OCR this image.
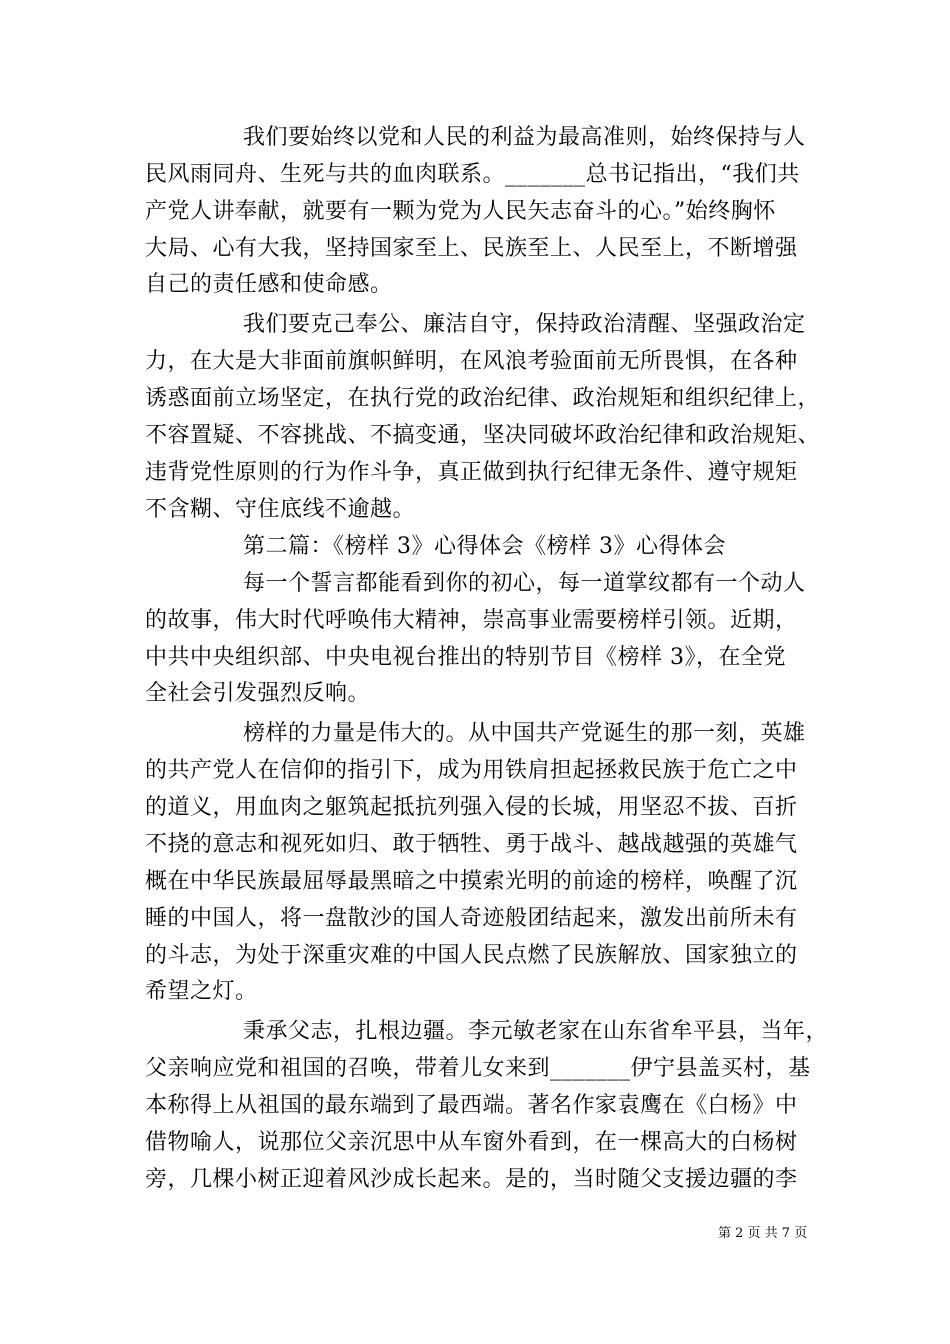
我们要始终以党和人民的利益为最高准则，始终保持与人
民风雨同舟、生死与共的血肉联系。_______总书记指出，“我们共
产党人讲奉献，就要有一颗为党为人民矢志奋斗的心。”始终胸怀
大局、心有大我，坚持国家至上、民族至上、人民至上，不断增强
自己的责任感和使命感。
我们要克己奉公、廉洁自守，保持政治清醒、坚强政治定
力，在大是大非面前旗帜鲜明，在风浪考验面前无所畏惧，在各种
诱惑面前立场坚定，在执行党的政治纪律、政治规矩和组织纪律上，
不容置疑、不容挑战、不搞变通，坚决同破坏政治纪律和政治规矩、
违背党性原则的行为作斗争，真正做到执行纪律无条件、遵守规矩
不含糊、守住底线不逾越。
第二篇：《榜样 3》心得体会《榜样 3》心得体会
每一个誓言都能看到你的初心，每一道掌纹都有一个动人
的故事，伟大时代呼唤伟大精神，崇高事业需要榜样引领。近期，
中共中央组织部、中央电视台推出的特别节目《榜样 3》，在全党
全社会引发强烈反响。
榜样的力量是伟大的。从中国共产党诞生的那一刻，英雄
的共产党人在信仰的指引下，成为用铁肩担起拯救民族于危亡之中
的道义，用血肉之躯筑起抵抗列强入侵的长城，用坚忍不拔、百折
不挠的意志和视死如归、敢于牺牲、勇于战斗、越战越强的英雄气
概在中华民族最屈辱最黑暗之中摸索光明的前途的榜样，唤醒了沉
睡的中国人，将一盘散沙的国人奇迹般团结起来，激发出前所未有
的斗志，为处于深重灾难的中国人民点燃了民族解放、国家独立的
希望之灯。
秉承父志，扎根边疆。李元敏老家在山东省牟平县，当年，
父亲响应党和祖国的召唤，带着儿女来到_______伊宁县盖买村，基
本称得上从祖国的最东端到了最西端。著名作家袁鹰在《白杨》中
借物喻人，说那位父亲沉思中从车窗外看到，在一棵高大的白杨树
旁，几棵小树正迎着风沙成长起来。是的，当时随父支援边疆的李
第 2 页 共 7 页
